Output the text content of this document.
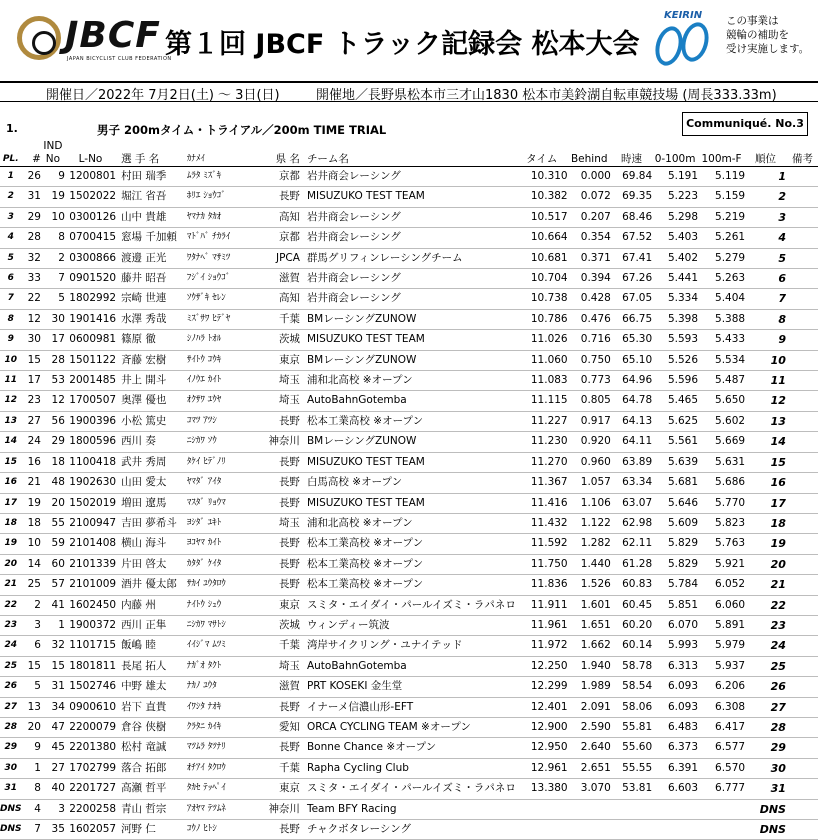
JBCF
JAPAN BICYCLIST CLUB FEDERATION
第１回 JBCF トラック記録会 松本大会
KEIRIN この事業は
競輪の補助を
受け実施します。
開催日／2022年 7月2日(土) ～ 3日(日)	開催地／長野県松本市三才山1830 松本市美鈴湖自転車競技場 (周長333.33m)
1.	男子 200mタイム・トライアル／200m TIME TRIAL	Communiqué. No.3
PL.	#	IND No	L-No	選 手 名	ｶﾅﾒｲ	県 名	チーム名	タイム	Behind	時速	0-100m	100m-F	順位	備考
1	26	9	1200801	村田 瑞季	ﾑﾗﾀ ﾐｽﾞｷ	京都	岩井商会レーシング	10.310	0.000	69.84	5.191	5.119	1	
2	31	19	1502022	堀江 省吾	ﾎﾘｴ ｼｮｳｺﾞ	長野	MISUZUKO TEST TEAM	10.382	0.072	69.35	5.223	5.159	2	
3	29	10	0300126	山中 貴雄	ﾔﾏﾅｶ ﾀｶｵ	高知	岩井商会レーシング	10.517	0.207	68.46	5.298	5.219	3	
4	28	8	0700415	窓場 千加頼	ﾏﾄﾞﾊﾞ ﾁｶﾗｲ	京都	岩井商会レーシング	10.664	0.354	67.52	5.403	5.261	4	
5	32	2	0300866	渡邊 正光	ﾜﾀﾅﾍﾞ ﾏｻﾐﾂ	JPCA	群馬グリフィンレーシングチーム	10.681	0.371	67.41	5.402	5.279	5	
6	33	7	0901520	藤井 昭吾	ﾌｼﾞｲ ｼｮｳｺﾞ	滋賀	岩井商会レーシング	10.704	0.394	67.26	5.441	5.263	6	
7	22	5	1802992	宗崎 世連	ｿｳｻﾞｷ ｾﾚﾝ	高知	岩井商会レーシング	10.738	0.428	67.05	5.334	5.404	7	
8	12	30	1901416	水澤 秀哉	ﾐｽﾞｻﾜ ﾋﾃﾞﾔ	千葉	BMレーシングZUNOW	10.786	0.476	66.75	5.398	5.388	8	
9	30	17	0600981	篠原 徹	ｼﾉﾊﾗ ﾄｵﾙ	茨城	MISUZUKO TEST TEAM	11.026	0.716	65.30	5.593	5.433	9	
10	15	28	1501122	斉藤 宏樹	ｻｲﾄｳ ｺｳｷ	東京	BMレーシングZUNOW	11.060	0.750	65.10	5.526	5.534	10	
11	17	53	2001485	井上 開斗	ｲﾉｳｴ ｶｲﾄ	埼玉	浦和北高校 ※オープン	11.083	0.773	64.96	5.596	5.487	11	
12	23	12	1700507	奥澤 優也	ｵｸｻﾜ ﾕｳﾔ	埼玉	AutoBahnGotemba	11.115	0.805	64.78	5.465	5.650	12	
13	27	56	1900396	小松 篤史	ｺﾏﾂ ｱﾂｼ	長野	松本工業高校 ※オープン	11.227	0.917	64.13	5.625	5.602	13	
14	24	29	1800596	西川 奏	ﾆｼｶﾜ ｿｳ	神奈川	BMレーシングZUNOW	11.230	0.920	64.11	5.561	5.669	14	
15	16	18	1100418	武井 秀周	ﾀｹｲ ﾋﾃﾞﾉﾘ	長野	MISUZUKO TEST TEAM	11.270	0.960	63.89	5.639	5.631	15	
16	21	48	1902630	山田 愛太	ﾔﾏﾀﾞ ｱｲﾀ	長野	白馬高校 ※オープン	11.367	1.057	63.34	5.681	5.686	16	
17	19	20	1502019	増田 遼馬	ﾏｽﾀﾞ ﾘｮｳﾏ	長野	MISUZUKO TEST TEAM	11.416	1.106	63.07	5.646	5.770	17	
18	18	55	2100947	吉田 夢希斗	ﾖｼﾀﾞ ﾕｷﾄ	埼玉	浦和北高校 ※オープン	11.432	1.122	62.98	5.609	5.823	18	
19	10	59	2101408	横山 海斗	ﾖｺﾔﾏ ｶｲﾄ	長野	松本工業高校 ※オープン	11.592	1.282	62.11	5.829	5.763	19	
20	14	60	2101339	片田 啓太	ｶﾀﾀﾞ ｹｲﾀ	長野	松本工業高校 ※オープン	11.750	1.440	61.28	5.829	5.921	20	
21	25	57	2101009	酒井 優太郎	ｻｶｲ ﾕｳﾀﾛｳ	長野	松本工業高校 ※オープン	11.836	1.526	60.83	5.784	6.052	21	
22	2	41	1602450	内藤 州	ﾅｲﾄｳ ｼｭｳ	東京	スミタ・エイダイ・パールイズミ・ラパネロ	11.911	1.601	60.45	5.851	6.060	22	
23	3	1	1900372	西川 正隼	ﾆｼｶﾜ ﾏｻﾄｼ	茨城	ウィンディー筑波	11.961	1.651	60.20	6.070	5.891	23	
24	6	32	1101715	飯嶋 睦	ｲｲｼﾞﾏ ﾑﾂﾐ	千葉	湾岸サイクリング・ユナイテッド	11.972	1.662	60.14	5.993	5.979	24	
25	15	15	1801811	長尾 拓人	ﾅｶﾞｵ ﾀｸﾄ	埼玉	AutoBahnGotemba	12.250	1.940	58.78	6.313	5.937	25	
26	5	31	1502746	中野 雄太	ﾅｶﾉ ﾕｳﾀ	滋賀	PRT KOSEKI 金生堂	12.299	1.989	58.54	6.093	6.206	26	
27	13	34	0900610	岩下 直貴	ｲﾜｼﾀ ﾅｵｷ	長野	イナーメ信濃山形-EFT	12.401	2.091	58.06	6.093	6.308	27	
28	20	47	2200079	倉谷 侠樹	ｸﾗﾀﾆ ｶｲｷ	愛知	ORCA CYCLING TEAM ※オープン	12.900	2.590	55.81	6.483	6.417	28	
29	9	45	2201380	松村 竜誠	ﾏﾂﾑﾗ ﾀﾂﾅﾘ	長野	Bonne Chance ※オープン	12.950	2.640	55.60	6.373	6.577	29	
30	1	27	1702799	落合 拓郎	ｵﾁｱｲ ﾀｸﾛｳ	千葉	Rapha Cycling Club	12.961	2.651	55.55	6.391	6.570	30	
31	8	40	2201727	高瀬 哲平	ﾀｶｾ ﾃｯﾍﾟｲ	東京	スミタ・エイダイ・パールイズミ・ラパネロ	13.380	3.070	53.81	6.603	6.777	31	
DNS	4	3	2200258	青山 哲宗	ｱｵﾔﾏ ﾃﾂﾑﾈ	神奈川	Team BFY Racing						DNS	
DNS	7	35	1602057	河野 仁	ｺｳﾉ ﾋﾄｼ	長野	チャクボタレーシング						DNS	
